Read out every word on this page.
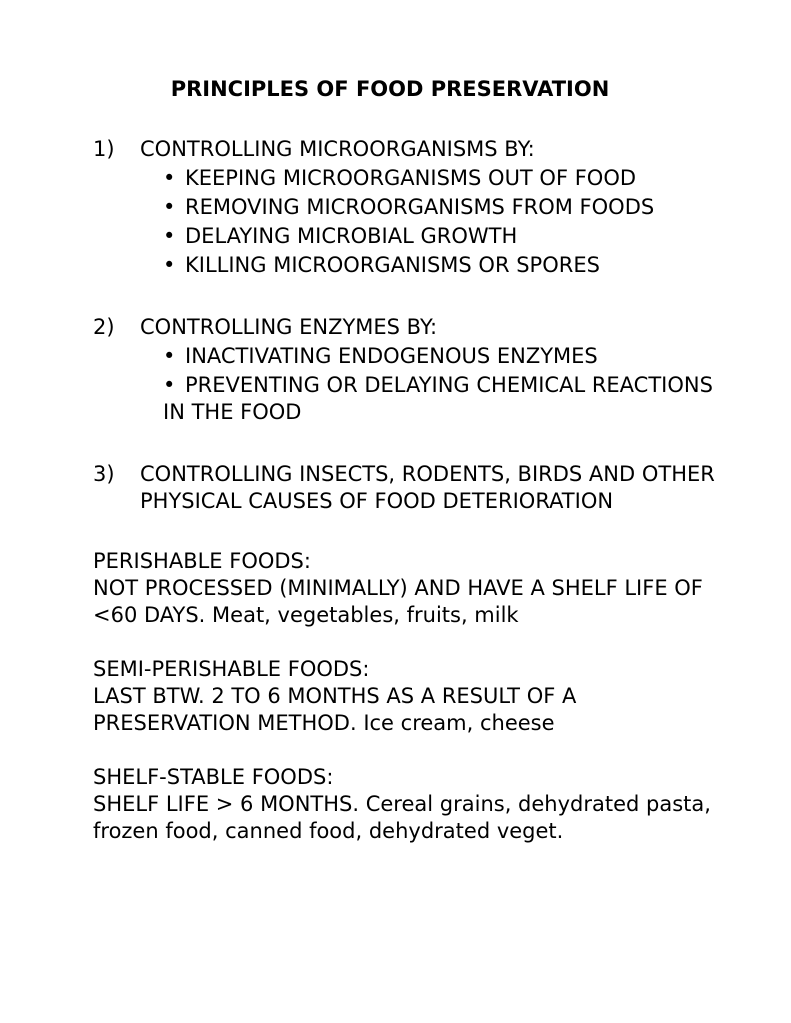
PRINCIPLES OF FOOD PRESERVATION
1)	CONTROLLING MICROORGANISMS BY:
• KEEPING MICROORGANISMS OUT OF FOOD
• REMOVING MICROORGANISMS FROM FOODS
• DELAYING MICROBIAL GROWTH
• KILLING MICROORGANISMS OR SPORES
2)	CONTROLLING ENZYMES BY:
• INACTIVATING ENDOGENOUS ENZYMES
• PREVENTING OR DELAYING CHEMICAL REACTIONS IN THE FOOD
3)	CONTROLLING INSECTS, RODENTS, BIRDS AND OTHER PHYSICAL CAUSES OF FOOD DETERIORATION
PERISHABLE FOODS:
NOT PROCESSED (MINIMALLY) AND HAVE A SHELF LIFE OF <60 DAYS. Meat, vegetables, fruits, milk
SEMI-PERISHABLE FOODS:
LAST BTW. 2 TO 6 MONTHS AS A RESULT OF A PRESERVATION METHOD. Ice cream, cheese
SHELF-STABLE FOODS:
SHELF LIFE > 6 MONTHS. Cereal grains, dehydrated pasta, frozen food, canned food, dehydrated veget.
